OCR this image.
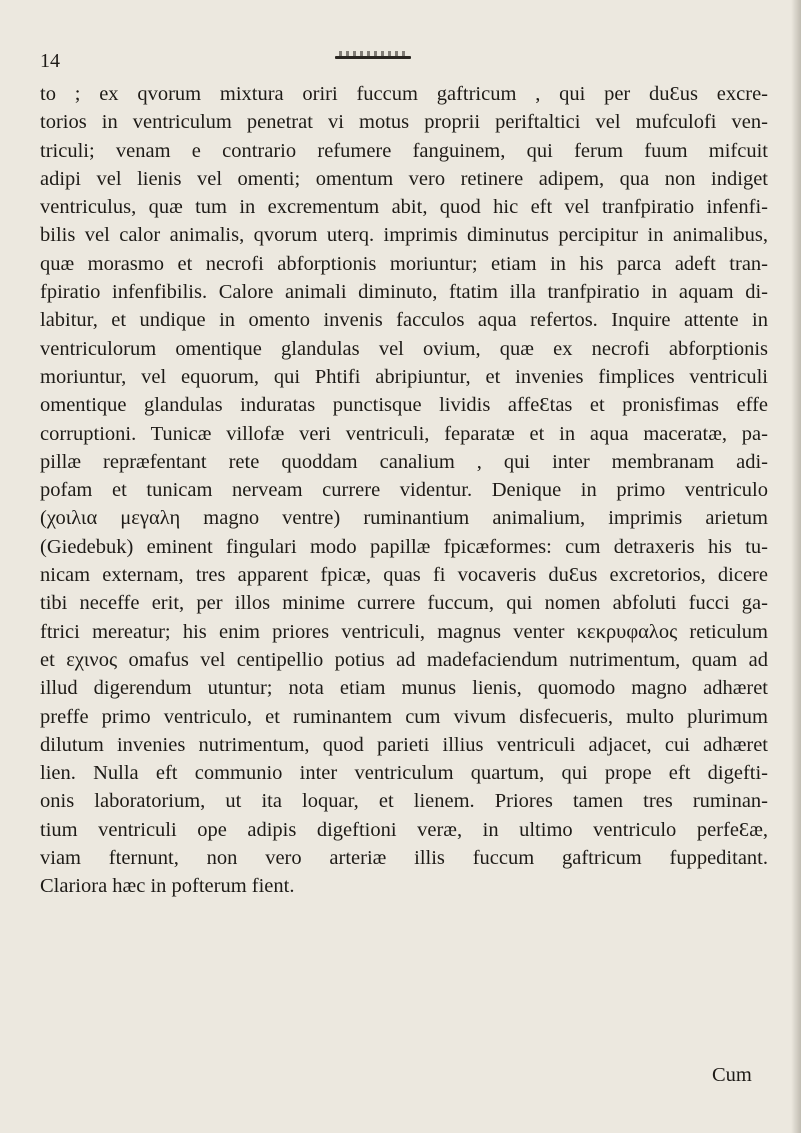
14
to ; ex qvorum mixtura oriri fuccum gaftricum , qui per duƐus excre-
torios in ventriculum penetrat vi motus proprii periftaltici vel mufculofi ven-
triculi; venam e contrario refumere fanguinem, qui ferum fuum mifcuit
adipi vel lienis vel omenti; omentum vero retinere adipem, qua non indiget
ventriculus, quæ tum in excrementum abit, quod hic eft vel tranfpiratio infenfi-
bilis vel calor animalis, qvorum uterq. imprimis diminutus percipitur in animalibus,
quæ morasmo et necrofi abforptionis moriuntur; etiam in his parca adeft tran-
fpiratio infenfibilis. Calore animali diminuto, ftatim illa tranfpiratio in aquam di-
labitur, et undique in omento invenis facculos aqua refertos. Inquire attente in
ventriculorum omentique glandulas vel ovium, quæ ex necrofi abforptionis
moriuntur, vel equorum, qui Phtifi abripiuntur, et invenies fimplices ventriculi
omentique glandulas induratas punctisque lividis affeƐtas et pronisfimas effe
corruptioni. Tunicæ villofæ veri ventriculi, feparatæ et in aqua maceratæ, pa-
pillæ repræfentant rete quoddam canalium , qui inter membranam adi-
pofam et tunicam nerveam currere videntur. Denique in primo ventriculo
(χοιλια μεγαλη magno ventre) ruminantium animalium, imprimis arietum
(Giedebuk) eminent fingulari modo papillæ fpicæformes: cum detraxeris his tu-
nicam externam, tres apparent fpicæ, quas fi vocaveris duƐus excretorios, dicere
tibi neceffe erit, per illos minime currere fuccum, qui nomen abfoluti fucci ga-
ftrici mereatur; his enim priores ventriculi, magnus venter κεκρυφαλος reticulum
et εχινος omafus vel centipellio potius ad madefaciendum nutrimentum, quam ad
illud digerendum utuntur; nota etiam munus lienis, quomodo magno adhæret
preffe primo ventriculo, et ruminantem cum vivum disfecueris, multo plurimum
dilutum invenies nutrimentum, quod parieti illius ventriculi adjacet, cui adhæret
lien. Nulla eft communio inter ventriculum quartum, qui prope eft digefti-
onis laboratorium, ut ita loquar, et lienem. Priores tamen tres ruminan-
tium ventriculi ope adipis digeftioni veræ, in ultimo ventriculo perfeƐæ,
viam fternunt, non vero arteriæ illis fuccum gaftricum fuppeditant.
Clariora hæc in pofterum fient.
Cum
